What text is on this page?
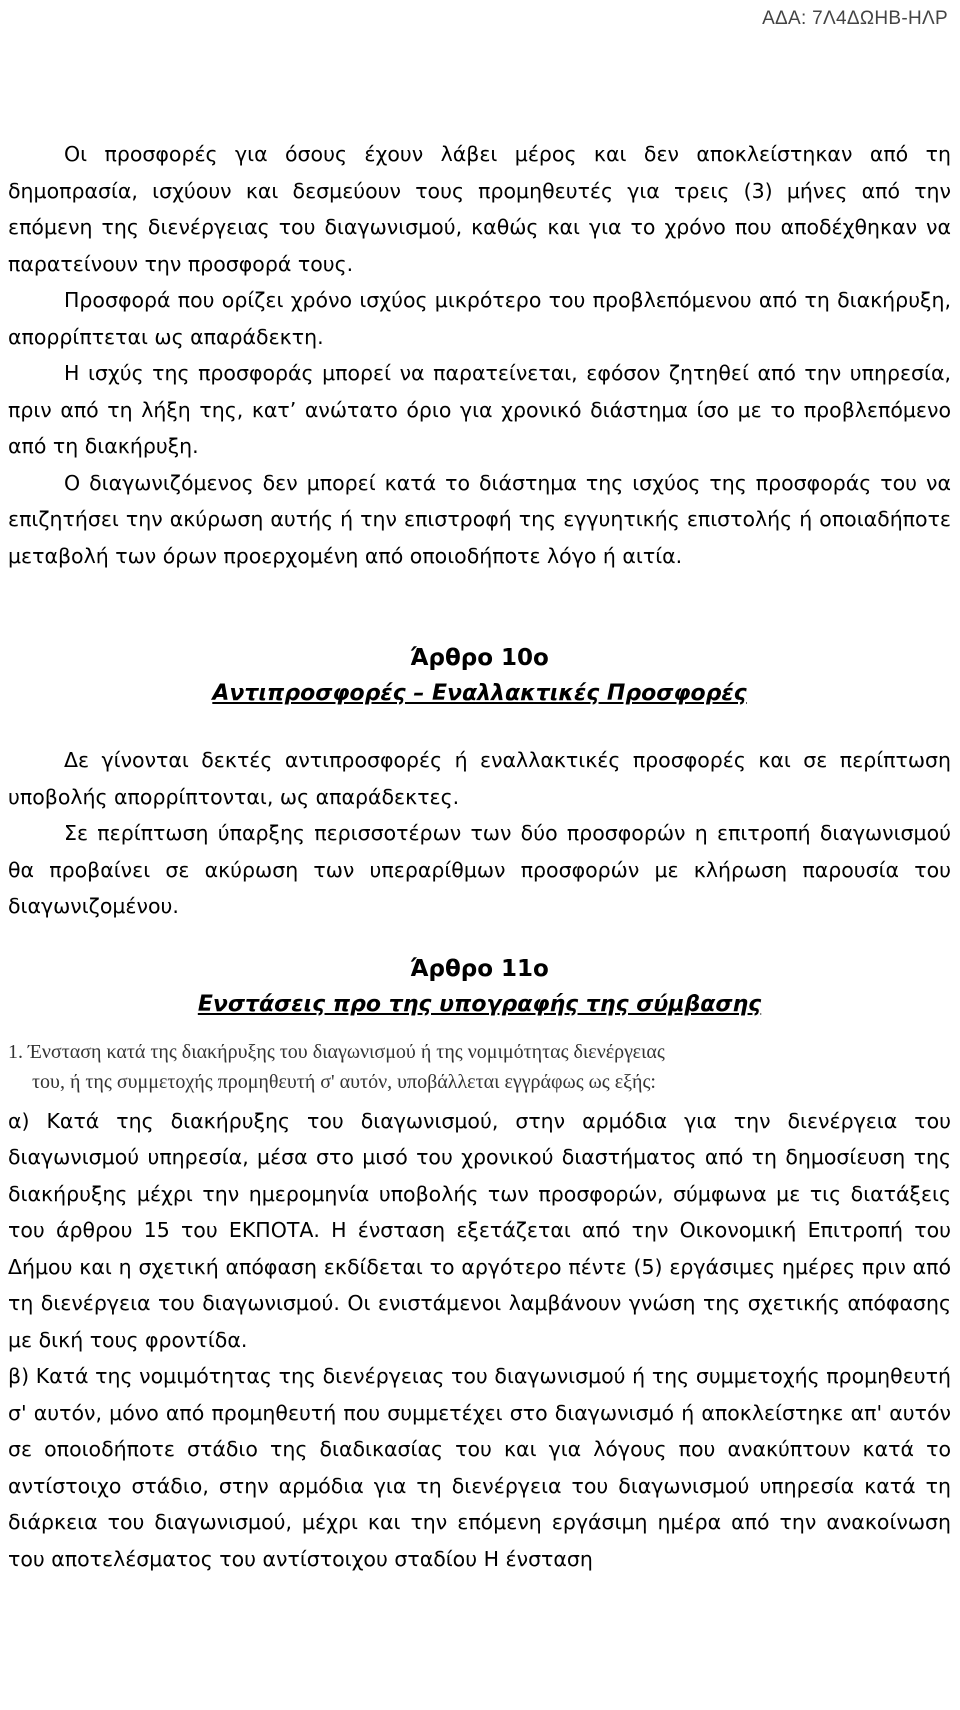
ΑΔΑ: 7Λ4ΔΩΗΒ-ΗΛΡ

Οι προσφορές για όσους έχουν λάβει μέρος και δεν αποκλείστηκαν από τη δημοπρασία, ισχύουν και δεσμεύουν τους προμηθευτές για τρεις (3) μήνες από την επόμενη της διενέργειας του διαγωνισμού, καθώς και για το χρόνο που αποδέχθηκαν να παρατείνουν την προσφορά τους.

Προσφορά που ορίζει χρόνο ισχύος μικρότερο του προβλεπόμενου από τη διακήρυξη, απορρίπτεται ως απαράδεκτη.

Η ισχύς της προσφοράς μπορεί να παρατείνεται, εφόσον ζητηθεί από την υπηρεσία, πριν από τη λήξη της, κατ’ ανώτατο όριο για χρονικό διάστημα ίσο με το προβλεπόμενο από τη διακήρυξη.

Ο διαγωνιζόμενος δεν μπορεί κατά το διάστημα της ισχύος της προσφοράς του να επιζητήσει την ακύρωση αυτής ή την επιστροφή της εγγυητικής επιστολής ή οποιαδήποτε μεταβολή των όρων προερχομένη από οποιοδήποτε λόγο ή αιτία.

Άρθρο 10ο

Αντιπροσφορές – Εναλλακτικές Προσφορές

Δε γίνονται δεκτές αντιπροσφορές ή εναλλακτικές προσφορές και σε περίπτωση υποβολής απορρίπτονται, ως απαράδεκτες.

Σε περίπτωση ύπαρξης περισσοτέρων των δύο προσφορών η επιτροπή διαγωνισμού θα προβαίνει σε ακύρωση των υπεραρίθμων προσφορών με κλήρωση παρουσία του διαγωνιζομένου.

Άρθρο 11ο

Ενστάσεις προ της υπογραφής της σύμβασης

1. Ένσταση κατά της διακήρυξης του διαγωνισμού ή της νομιμότητας διενέργειας

του, ή της συμμετοχής προμηθευτή σ' αυτόν, υποβάλλεται εγγράφως ως εξής:

α) Κατά της διακήρυξης του διαγωνισμού, στην αρμόδια για την διενέργεια του διαγωνισμού υπηρεσία, μέσα στο μισό του χρονικού διαστήματος από τη δημοσίευση της διακήρυξης μέχρι την ημερομηνία υποβολής των προσφορών, σύμφωνα με τις διατάξεις του άρθρου 15 του ΕΚΠΟΤΑ. Η ένσταση εξετάζεται από την Οικονομική Επιτροπή του Δήμου και η σχετική απόφαση εκδίδεται το αργότερο πέντε (5) εργάσιμες ημέρες πριν από τη διενέργεια του διαγωνισμού. Οι ενιστάμενοι λαμβάνουν γνώση της σχετικής απόφασης με δική τους φροντίδα.

β) Κατά της νομιμότητας της διενέργειας του διαγωνισμού ή της συμμετοχής προμηθευτή σ' αυτόν, μόνο από προμηθευτή που συμμετέχει στο διαγωνισμό ή αποκλείστηκε απ' αυτόν σε οποιοδήποτε στάδιο της διαδικασίας του και για λόγους που ανακύπτουν κατά το αντίστοιχο στάδιο, στην αρμόδια για τη διενέργεια του διαγωνισμού υπηρεσία κατά τη διάρκεια του διαγωνισμού, μέχρι και την επόμενη εργάσιμη ημέρα από την ανακοίνωση του αποτελέσματος του αντίστοιχου σταδίου Η ένσταση
